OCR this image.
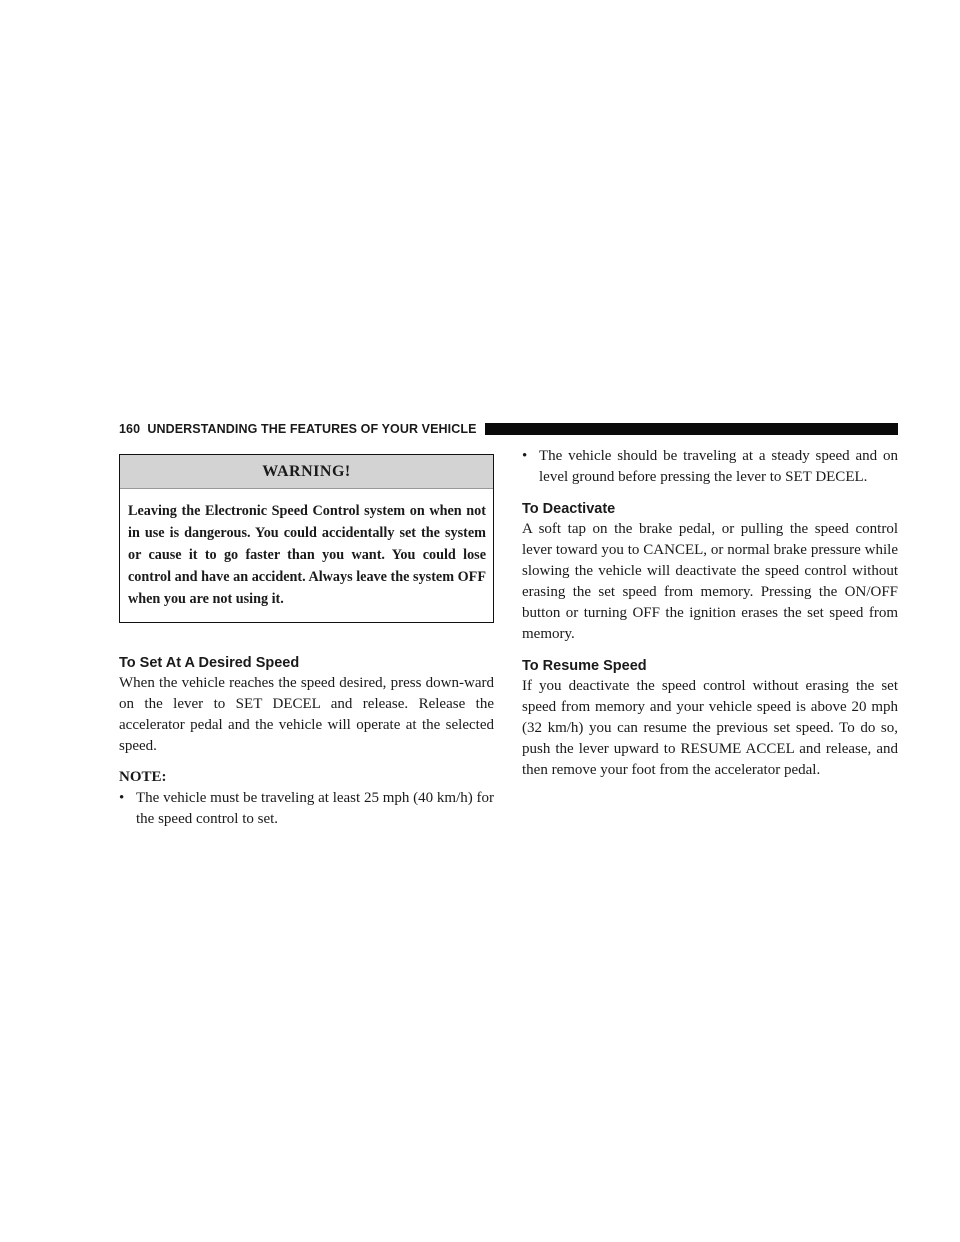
160 UNDERSTANDING THE FEATURES OF YOUR VEHICLE
WARNING!
Leaving the Electronic Speed Control system on when not in use is dangerous. You could accidentally set the system or cause it to go faster than you want. You could lose control and have an accident. Always leave the system OFF when you are not using it.
To Set At A Desired Speed

When the vehicle reaches the speed desired, press down-ward on the lever to SET DECEL and release. Release the accelerator pedal and the vehicle will operate at the selected speed.

NOTE:
• The vehicle must be traveling at least 25 mph (40 km/h) for the speed control to set.
• The vehicle should be traveling at a steady speed and on level ground before pressing the lever to SET DECEL.
To Deactivate

A soft tap on the brake pedal, or pulling the speed control lever toward you to CANCEL, or normal brake pressure while slowing the vehicle will deactivate the speed control without erasing the set speed from memory. Pressing the ON/OFF button or turning OFF the ignition erases the set speed from memory.

To Resume Speed

If you deactivate the speed control without erasing the set speed from memory and your vehicle speed is above 20 mph (32 km/h) you can resume the previous set speed. To do so, push the lever upward to RESUME ACCEL and release, and then remove your foot from the accelerator pedal.
